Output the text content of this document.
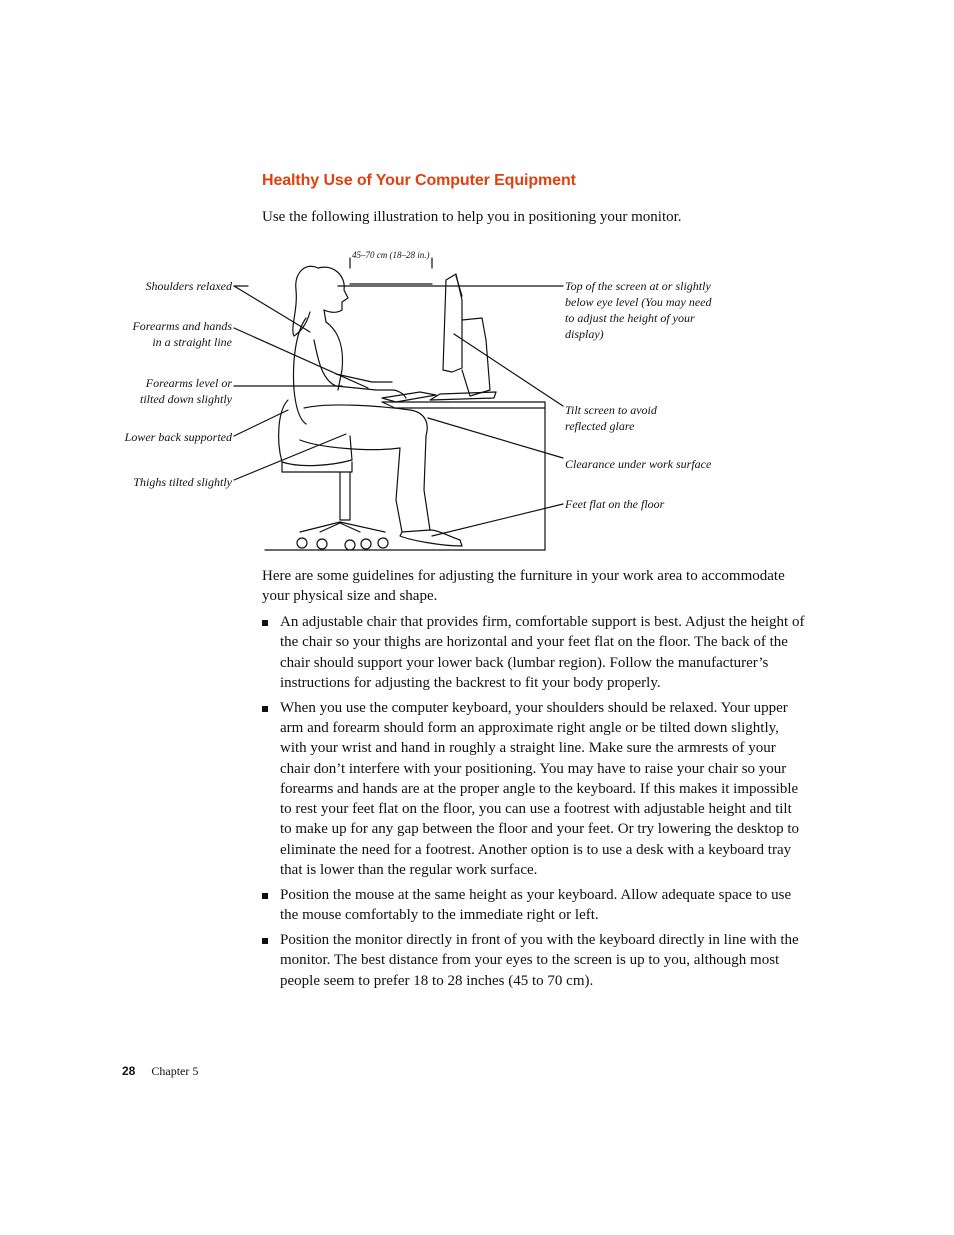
Healthy Use of Your Computer Equipment

Use the following illustration to help you in positioning your monitor.

Shoulders relaxed
Forearms and hands
in a straight line
Forearms level or
tilted down slightly
Lower back supported
Thighs tilted slightly
Top of the screen at or slightly
below eye level (You may need
to adjust the height of your
display)
Tilt screen to avoid
reflected glare
Clearance under work surface
Feet flat on the floor
45–70 cm (18–28 in.)

Here are some guidelines for adjusting the furniture in your work area to accommodate your physical size and shape.

An adjustable chair that provides firm, comfortable support is best. Adjust the height of the chair so your thighs are horizontal and your feet flat on the floor. The back of the chair should support your lower back (lumbar region). Follow the manufacturer’s instructions for adjusting the backrest to fit your body properly.
When you use the computer keyboard, your shoulders should be relaxed. Your upper arm and forearm should form an approximate right angle or be tilted down slightly, with your wrist and hand in roughly a straight line. Make sure the armrests of your chair don’t interfere with your positioning. You may have to raise your chair so your forearms and hands are at the proper angle to the keyboard. If this makes it impossible to rest your feet flat on the floor, you can use a footrest with adjustable height and tilt to make up for any gap between the floor and your feet. Or try lowering the desktop to eliminate the need for a footrest. Another option is to use a desk with a keyboard tray that is lower than the regular work surface.
Position the mouse at the same height as your keyboard. Allow adequate space to use the mouse comfortably to the immediate right or left.
Position the monitor directly in front of you with the keyboard directly in line with the monitor. The best distance from your eyes to the screen is up to you, although most people seem to prefer 18 to 28 inches (45 to 70 cm).
28 Chapter 5
